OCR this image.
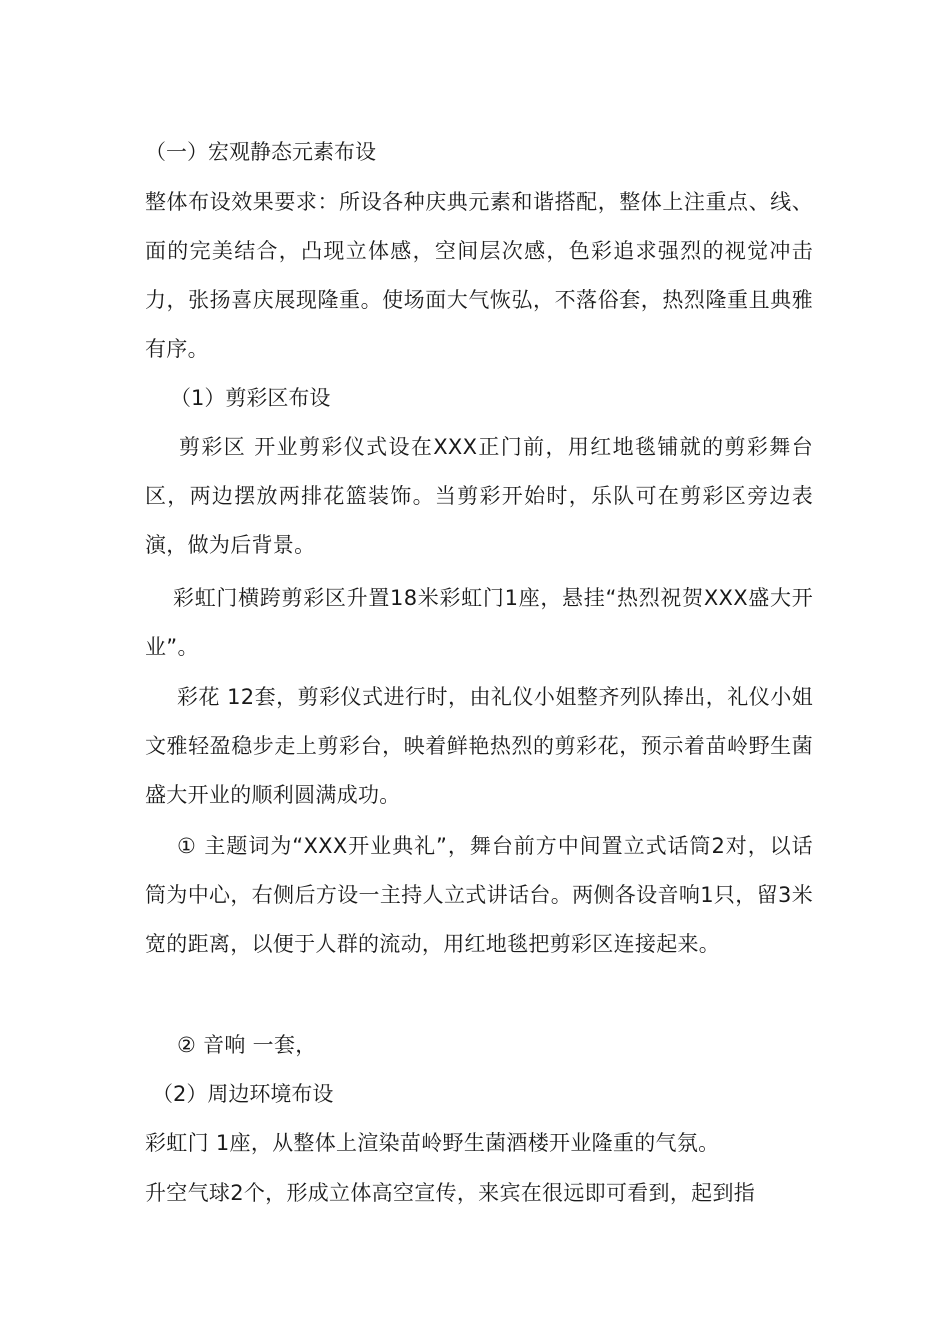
（一）宏观静态元素布设

整体布设效果要求：所设各种庆典元素和谐搭配，整体上注重点、线、面的完美结合，凸现立体感，空间层次感，色彩追求强烈的视觉冲击力，张扬喜庆展现隆重。使场面大气恢弘，不落俗套，热烈隆重且典雅有序。

（1）剪彩区布设

剪彩区 开业剪彩仪式设在XXX正门前，用红地毯铺就的剪彩舞台区，两边摆放两排花篮装饰。当剪彩开始时，乐队可在剪彩区旁边表演，做为后背景。

彩虹门横跨剪彩区升置18米彩虹门1座，悬挂“热烈祝贺XXX盛大开业”。

彩花 12套，剪彩仪式进行时，由礼仪小姐整齐列队捧出，礼仪小姐文雅轻盈稳步走上剪彩台，映着鲜艳热烈的剪彩花，预示着苗岭野生菌盛大开业的顺利圆满成功。

① 主题词为“XXX开业典礼”，舞台前方中间置立式话筒2对，以话筒为中心，右侧后方设一主持人立式讲话台。两侧各设音响1只，留3米宽的距离，以便于人群的流动，用红地毯把剪彩区连接起来。

② 音响 一套，

（2）周边环境布设

彩虹门 1座，从整体上渲染苗岭野生菌酒楼开业隆重的气氛。

升空气球2个，形成立体高空宣传，来宾在很远即可看到，起到指
